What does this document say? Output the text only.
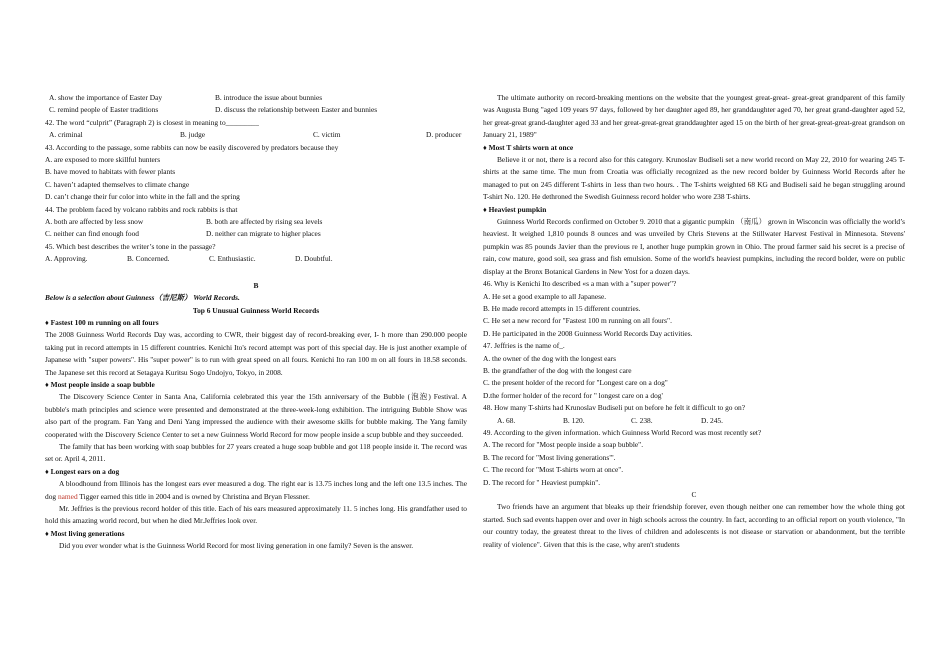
A. show the importance of Easter Day	B. introduce the issue about bunnies
C. remind people of Easter traditions	D. discuss the relationship between Easter and bunnies

42. The word “culprit” (Paragraph 2) is closest in meaning to_________

A. criminal	B. judge	C. victim	D. producer

43. According to the passage, some rabbits can now be easily discovered by predators because they

A. are exposed to more skillful hunters

B. have moved to habitats with fewer plants

C. haven’t adapted themselves to climate change

D. can’t change their fur color into white in the fall and the spring

44. The problem faced by volcano rabbits and rock rabbits is that

A. both are affected by less snow	B. both are affected by rising sea levels
C. neither can find enough food	D. neither can migrate to higher places

45. Which best describes the writer’s tone in the passage?

A. Approving.	B. Concerned.	C. Enthusiastic.	D. Doubtful.

B

Below is a selection about Guinness（吉尼斯） World Records.

Top 6 Unusual Guinness World Records

♦ Fastest 100 m running on all fours

The 2008 Guinness World Records Day was, according to CWR, their biggest day of record-breaking ever, I- h more than 290.000 people taking put in record attempts in 15 different countries. Kenichi Ito's record attempt was port of this special day. He is just another example of Japanese with "super powers". His "super power" is to run with great speed on all fours. Kenichi Ito ran 100 m on all fours in 18.58 seconds. The Japanese set this record at Setagaya Kuritsu Sogo Undojyo, Tokyo, in 2008.

♦ Most people inside a soap bubble

The Discovery Science Center in Santa Ana, California celebrated this year the 15th anniversary of the Bubble (泡泡) Festival. A bubble's math principles and science were presented and demonstrated at the three-week-long exhibition. The intriguing Bubble Show was also part of the program. Fan Yang and Deni Yang impressed the audience with their awesome skills for bubble making. The Yang family cooperated with the Discovery Science Center to set a new Guinness World Record for mow people inside a scup bubble and they succeeded.

The family that has been working with soap bubbles for 27 years created a huge soap bubble and got 118 people inside it. The record was set or. April 4, 2011.

♦ Longest ears on a dog

A bloodhound from Illinois has the longest ears ever measured a dog. The right ear is 13.75 inches long and the left one 13.5 inches. The dog named Tigger earned this title in 2004 and is owned by Christina and Bryan Flessner.

Mr. Jeffries is the previous record holder of this title. Each of his ears measured approximately 11. 5 inches long. His grandfather used to hold this amazing world record, but when he died Mr.Jeffries look over.

♦ Most living generations

Did you ever wonder what is the Guinness World Record for most living generation in one family? Seven is the answer.

The ultimate authority on record-breaking mentions on the website that the youngest great-great- great-great grandparent of this family was Augusta Bung "aged 109 years 97 days, followed by her daughter aged 89, her granddaughter aged 70, her great grand-daughter aged 52, her great-great grand-daughter aged 33 and her great-great-great granddaughter aged 15 on the birth of her great-great-great-great grandson on January 21, 1989"

♦ Most T shirts worn at once

Believe it or not, there is a record also for this category. Krunoslav Budiseli set a new world record on May 22, 2010 for wearing 245 T-shirts at the same time. The mun from Croatia was officially recognized as the new record bolder by Guinness World Records after he managed to put on 245 different T-shirts in 1ess than two hours. . The T-shirts weighted 68 KG and Budiseli said he began struggling around T-shirt No. 120. He dethroned the Swedish Guinness record holder who wore 238 T-shirts.

♦ Heaviest pumpkin

Guinness World Records confirmed on October 9. 2010 that a gigantic pumpkin （南瓜） grown in Wisconcin was officially the world’s heaviest. It weighed 1,810 pounds 8 ounces and was unveiled by Chris Stevens at the Stillwater Harvest Festival in Minnesota. Stevens' pumpkin was 85 pounds Javier than the previous re I, another huge pumpkin grown in Ohio. The proud farmer said his secret is a precise of rain, cow mature, good soil, sea grass and fish emulsion. Some of the world's heaviest pumpkins, including the record bolder, were on public display at the Bronx Botanical Gardens in New Yost for a dozen days.

46. Why is Kenichi Ito described «s a man with a "super power"?

A. He set a good example to all Japanese.

B. He made record attempts in 15 different countries.

C. He set a new record for "Fastest 100 m running on all fours".

D. He participated in the 2008 Guinness World Records Day activities.

47. Jeffries is the name of_.

A. the owner of the dog with the longest ears

B. the grandfather of the dog with the longest care

C. the present holder of the record for "Longest care on a dog"

D.the former holder of the record for " longest care on a dog'

48. How many T-shirts had Krunoslav Budiseli put on before he felt it difficult to go on?

A. 68.	B. 120.	C. 238.	D. 245.

49. According to the given information. which Guinness World Record was most recently set?

A. The record for "Most people inside a soap bubble".

B. The record for "Most living generations"'.

C. The record for "Most T-shirts worn at once".

D. The record for " Heaviest pumpkin".

C

Two friends have an argument that bleaks up their friendship forever, even though neither one can remember how the whole thing got started. Such sad events happen over and over in high schools across the country. In fact, according to an official report on youth violence, "In our country today, the greatest threat to the lives of children and adolescents is not disease or starvation or abandonment, but the terrible reality of violence". Given that this is the case, why aren't students
